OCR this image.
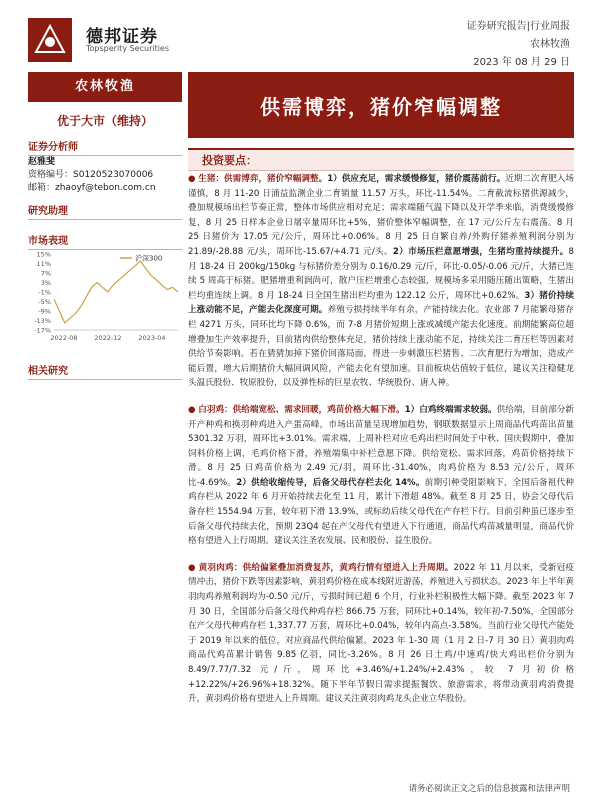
德邦证券
Topsperity Securities
证券研究报告|行业周报
农林牧渔
2023 年 08 月 29 日
农林牧渔
供需博弈，猪价窄幅调整
优于大市（维持）
证券分析师
赵雅斐
资格编号：S0120523070006
邮箱：zhaoyf@tebon.com.cn
研究助理
市场表现
15%
11%
7%
3%
-1%
-5%
-9%
-13%
-17%
2022-08	2022-12	2023-04
沪深300
相关研究
投资要点：

● 生猪：供需博弈，猪价窄幅调整。1）供应充足，需求缓慢修复，猪价震荡前行。近期二次育肥入场谨慎，8 月 11-20 日涌益监测企业二育销量 11.57 万头，环比-11.54%。二育截流标猪供源减少，叠加规模场出栏节奏正常，整体市场供应相对充足；需求端随气温下降以及开学季来临，消费缓慢修复，8 月 25 日样本企业日屠宰量周环比+5%，猪价整体窄幅调整，在 17 元/公斤左右震荡。8 月 25 日猪价为 17.05 元/公斤，周环比+0.06%。8 月 25 日自繁自养/外购仔猪养殖利润分别为 21.89/-28.88 元/头，周环比-15.67/+4.71 元/头。2）市场压栏意愿增强，生猪均重持续提升。8 月 18-24 日 200kg/150kg 与标猪价差分别为 0.16/0.29 元/斤，环比-0.05/-0.06 元/斤，大猪已连续 5 周高于标猪。肥猪增重利润尚可，散户压栏增重心态较强，规模场多采用随压随出策略，生猪出栏均重连续上调。8 月 18-24 日全国生猪出栏均重为 122.12 公斤，周环比+0.62%。3）猪价持续上涨动能不足，产能去化深度可期。养殖亏损持续半年有余，产能持续去化。农业部 7 月能繁母猪存栏 4271 万头，同环比均下降 0.6%，而 7-8 月猪价短期上涨或减缓产能去化速度。前期能繁高位超增叠加生产效率提升，目前猪肉供给整体充足，猪价持续上涨动能不足，持续关注二育压栏等因素对供给节奏影响。若在猜猜加掉下猪价回落局面，得进一步刺激压栏猪售、二次育肥行为增加，造成产能后置，增大后期猪价大幅回调风险，产能去化有望加速。目前板块估值较于低位，建议关注稳健龙头温氏股份、牧原股份，以及弹性标的巨星农牧、华统股份、唐人神。

● 白羽鸡：供给端宽松、需求回暖，鸡苗价格大幅下滑。1）白鸡终端需求较弱。供给端，目前部分新开产种鸡和换羽种鸡进入产蛋高峰，市场出苗量呈现增加趋势，钢联数据显示上周商品代鸡苗出苗量 5301.32 万羽，周环比+3.01%。需求端，上周补栏对应毛鸡出栏时间处于中秋、国庆假期中，叠加饲料价格上调，毛鸡价格下滑，养殖端集中补栏意愿下降。供给宽松、需求回落，鸡苗价格持续下滑。8 月 25 日鸡苗价格为 2.49 元/羽，周环比-31.40%，肉鸡价格为 8.53 元/公斤，周环比-4.69%。2）供给收缩传导，后备父母代存栏去化 14%。前期引种受阻影响下，全国后备祖代种鸡存栏从 2022 年 6 月开始持续去化至 11 月，累计下滑超 48%。截至 8 月 25 日，协会父母代后备存栏 1554.94 万套，较年初下滑 13.9%，或标幼后续父母代在产存栏下行。目前引种虽已逐步至后备父母代持续去化，预期 23Q4 起在产父母代有望进入下行通道，商品代鸡苗减量明显，商品代价格有望进入上行周期。建议关注圣农发展、民和股份、益生股份。

● 黄羽肉鸡：供给偏紧叠加消费复苏，黄鸡行情有望进入上升周期。2022 年 11 月以来，受新冠疫情冲击，猪价下跌等因素影响，黄羽鸡价格在成本线附近游荡，养殖进入亏损状态。2023 年上半年黄羽肉鸡养殖利润均为-0.50 元/斤，亏损时间已超 6 个月，行业补栏积极性大幅下降。截至 2023 年 7 月 30 日，全国部分后备父母代种鸡存栏 866.75 万套，同环比+0.14%，较年初-7.50%，全国部分在产父母代种鸡存栏 1,337.77 万套，周环比+0.04%，较年内高点-3.58%。当前行业父母代产能处于 2019 年以来的低位，对应商品代供给偏紧。2023 年 1-30 周（1 月 2 日-7 月 30 日）黄羽肉鸡商品代鸡苗累计销售 9.85 亿羽，同比-3.26%。8 月 26 日土鸡/中速鸡/快大鸡出栏价分别为 8.49/7.77/7.32 元/斤，周环比+3.46%/+1.24%/+2.43%，较 7 月初价格+12.22%/+26.96%+18.32%。随下半年节假日需求提振餐饮、旅游需求，将带动黄羽鸡消费提升，黄羽鸡价格有望进入上升周期。建议关注黄羽肉鸡龙头企业立华股份。

请务必阅读正文之后的信息披露和法律声明
